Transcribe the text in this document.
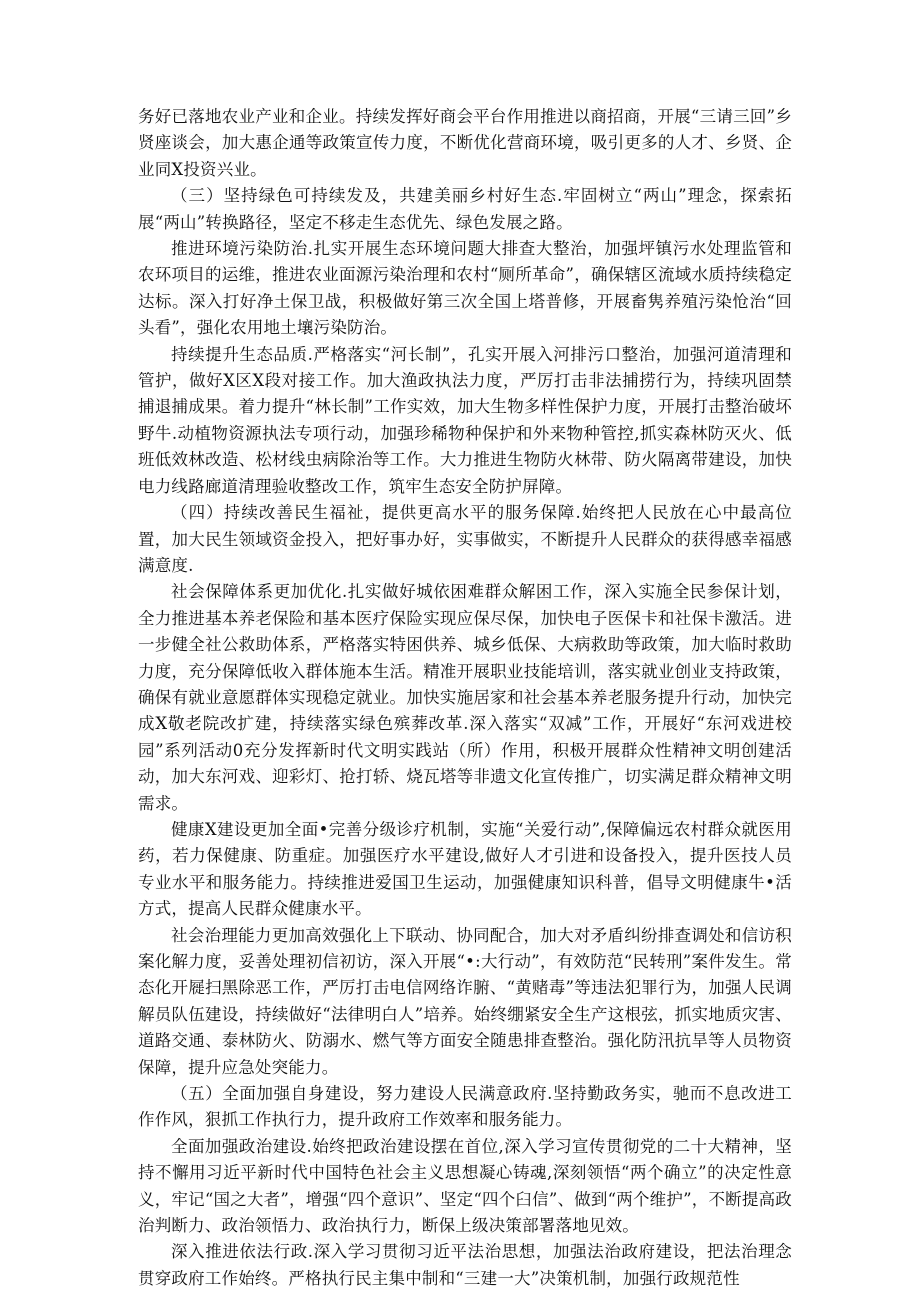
务好已落地农业产业和企业。持续发挥好商会平台作用推进以商招商，开展“三请三回”乡贤座谈会，加大惠企通等政策宣传力度，不断优化营商环境，吸引更多的人才、乡贤、企业同X投资兴业。

（三）坚持绿色可持续发及，共建美丽乡村好生态.牢固树立“两山”理念，探索拓展“两山”转换路径，坚定不移走生态优先、绿色发展之路。

推进环境污染防治.扎实开展生态环境问题大排查大整治，加强坪镇污水处理监管和农环项目的运维，推进农业面源污染治理和农村“厕所革命”，确保辖区流域水质持续稳定达标。深入打好净土保卫战，积极做好第三次全国上塔普修，开展畜隽养殖污染怆治“回头看”，强化农用地土壤污染防治。

持续提升生态品质.严格落实“河长制”，孔实开展入河排污口整治，加强河道清理和管护，做好X区X段对接工作。加大渔政执法力度，严厉打击非法捕捞行为，持续巩固禁捕退捕成果。着力提升“林长制”工作实效，加大生物多样性保护力度，开展打击整治破坏野牛.动植物资源执法专项行动，加强珍稀物种保护和外来物种管控,抓实森林防灭火、低班低效林改造、松材线虫病除治等工作。大力推进生物防火林带、防火隔离带建设，加快电力线路廊道清理验收整改工作，筑牢生态安全防护屏障。

（四）持续改善民生福祉，提供更高水平的服务保障.始终把人民放在心中最高位置，加大民生领域资金投入，把好事办好，实事做实，不断提升人民群众的获得感幸福感满意度.

社会保障体系更加优化.扎实做好城依困难群众解困工作，深入实施全民参保计划，全力推进基本养老保险和基本医疗保险实现应保尽保，加快电子医保卡和社保卡激活。进一步健全社公救助体系，严格落实特困供养、城乡低保、大病救助等政策，加大临时救助力度，充分保障低收入群体施本生活。精准开展职业技能培训，落实就业创业支持政策，确保有就业意愿群体实现稳定就业。加快实施居家和社会基本养老服务提升行动，加快完成X敬老院改扩建，持续落实绿色殡葬改革.深入落实“双减”工作，开展好“东河戏进校园”系列活动0充分发挥新时代文明实践站（所）作用，积极开展群众性精神文明创建活动，加大东河戏、迎彩灯、抢打轿、烧瓦塔等非遗文化宣传推广，切实满足群众精神文明需求。

健康X建设更加全面•完善分级诊疗机制，实施“关爱行动”,保障偏远农村群众就医用药，若力保健康、防重症。加强医疗水平建设,做好人才引进和设备投入，提升医技人员专业水平和服务能力。持续推进爱国卫生运动，加强健康知识科普，倡导文明健康牛•活方式，提高人民群众健康水平。

社会治理能力更加高效强化上下联动、协同配合，加大对矛盾纠纷排查调处和信访积案化解力度，妥善处理初信初访，深入开展“•:大行动”，有效防范“民转刑”案件发生。常态化开屣扫黑除恶工作，严厉打击电信网络诈腑、“黄赌毒”等违法犯罪行为，加强人民调解员队伍建设，持续做好“法律明白人”培养。始终绷紧安全生产这根弦，抓实地质灾害、道路交通、泰林防火、防溺水、燃气等方面安全随患排查整治。强化防汛抗旱等人员物资保障，提升应急处突能力。

（五）全面加强自身建设，努力建设人民满意政府.坚持勤政务实，驰而不息改进工作作风，狠抓工作执行力，提升政府工作效率和服务能力。

全面加强政治建设.始终把政治建设摆在首位,深入学习宣传贯彻党的二十大精神，坚持不懈用习近平新时代中国特色社会主义思想凝心铸魂,深刻领悟“两个确立”的决定性意义，牢记“国之大者”，增强“四个意识”、坚定“四个臼信”、做到“两个维护”，不断提高政治判断力、政治领悟力、政治执行力，断保上级决策部署落地见效。

深入推进依法行政.深入学习贯彻习近平法治思想，加强法治政府建设，把法治理念贯穿政府工作始终。严格执行民主集中制和“三建一大”决策机制，加强行政规范性
